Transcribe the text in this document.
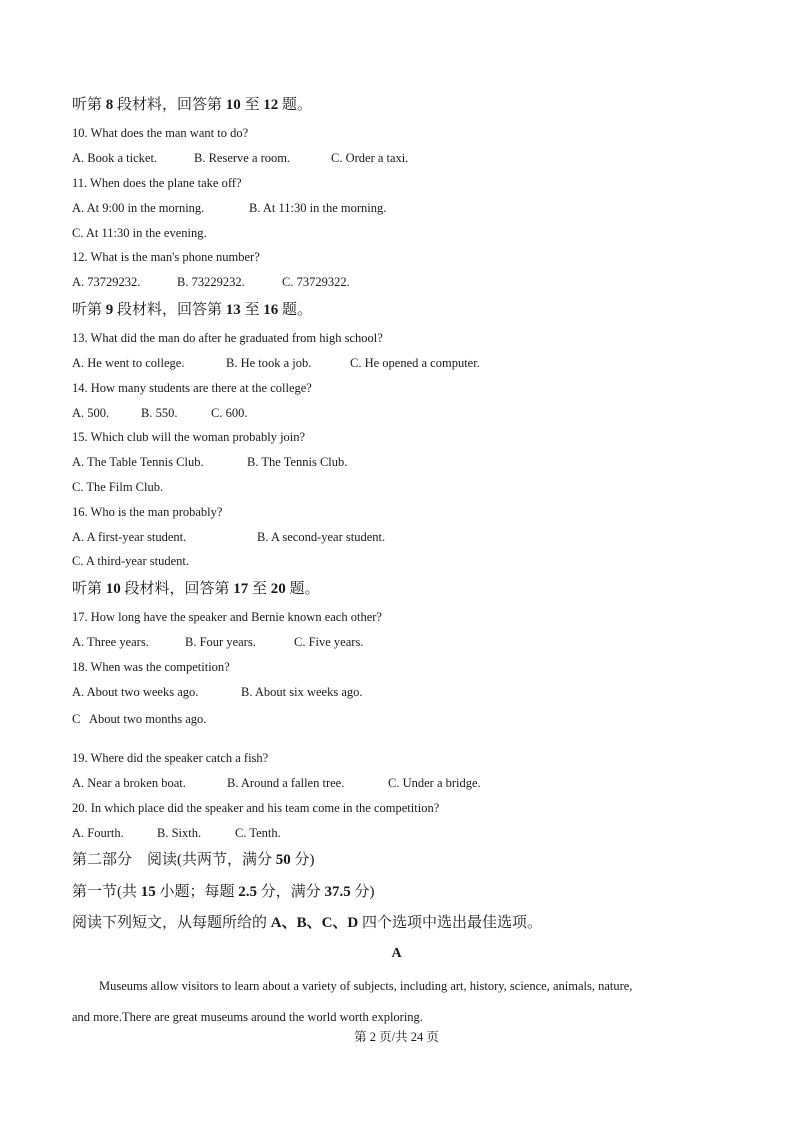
听第 8 段材料，回答第 10 至 12 题。
10. What does the man want to do?
A. Book a ticket.	B. Reserve a room.	C. Order a taxi.
11. When does the plane take off?
A. At 9:00 in the morning.	B. At 11:30 in the morning.
C. At 11:30 in the evening.
12. What is the man's phone number?
A. 73729232.	B. 73229232.	C. 73729322.
听第 9 段材料，回答第 13 至 16 题。
13. What did the man do after he graduated from high school?
A. He went to college.	B. He took a job.	C. He opened a computer.
14. How many students are there at the college?
A. 500.	B. 550.	C. 600.
15. Which club will the woman probably join?
A. The Table Tennis Club.	B. The Tennis Club.
C. The Film Club.
16. Who is the man probably?
A. A first-year student.	B. A second-year student.
C. A third-year student.
听第 10 段材料，回答第 17 至 20 题。
17. How long have the speaker and Bernie known each other?
A. Three years.	B. Four years.	C. Five years.
18. When was the competition?
A. About two weeks ago.	B. About six weeks ago.
C   About two months ago.
19. Where did the speaker catch a fish?
A. Near a broken boat.	B. Around a fallen tree.	C. Under a bridge.
20. In which place did the speaker and his team come in the competition?
A. Fourth.	B. Sixth.	C. Tenth.
第二部分　阅读(共两节，满分 50 分)
第一节(共 15 小题；每题 2.5 分，满分 37.5 分)
阅读下列短文，从每题所给的 A、B、C、D 四个选项中选出最佳选项。
A
Museums allow visitors to learn about a variety of subjects, including art, history, science, animals, nature,
and more.There are great museums around the world worth exploring.
第 2 页/共 24 页
